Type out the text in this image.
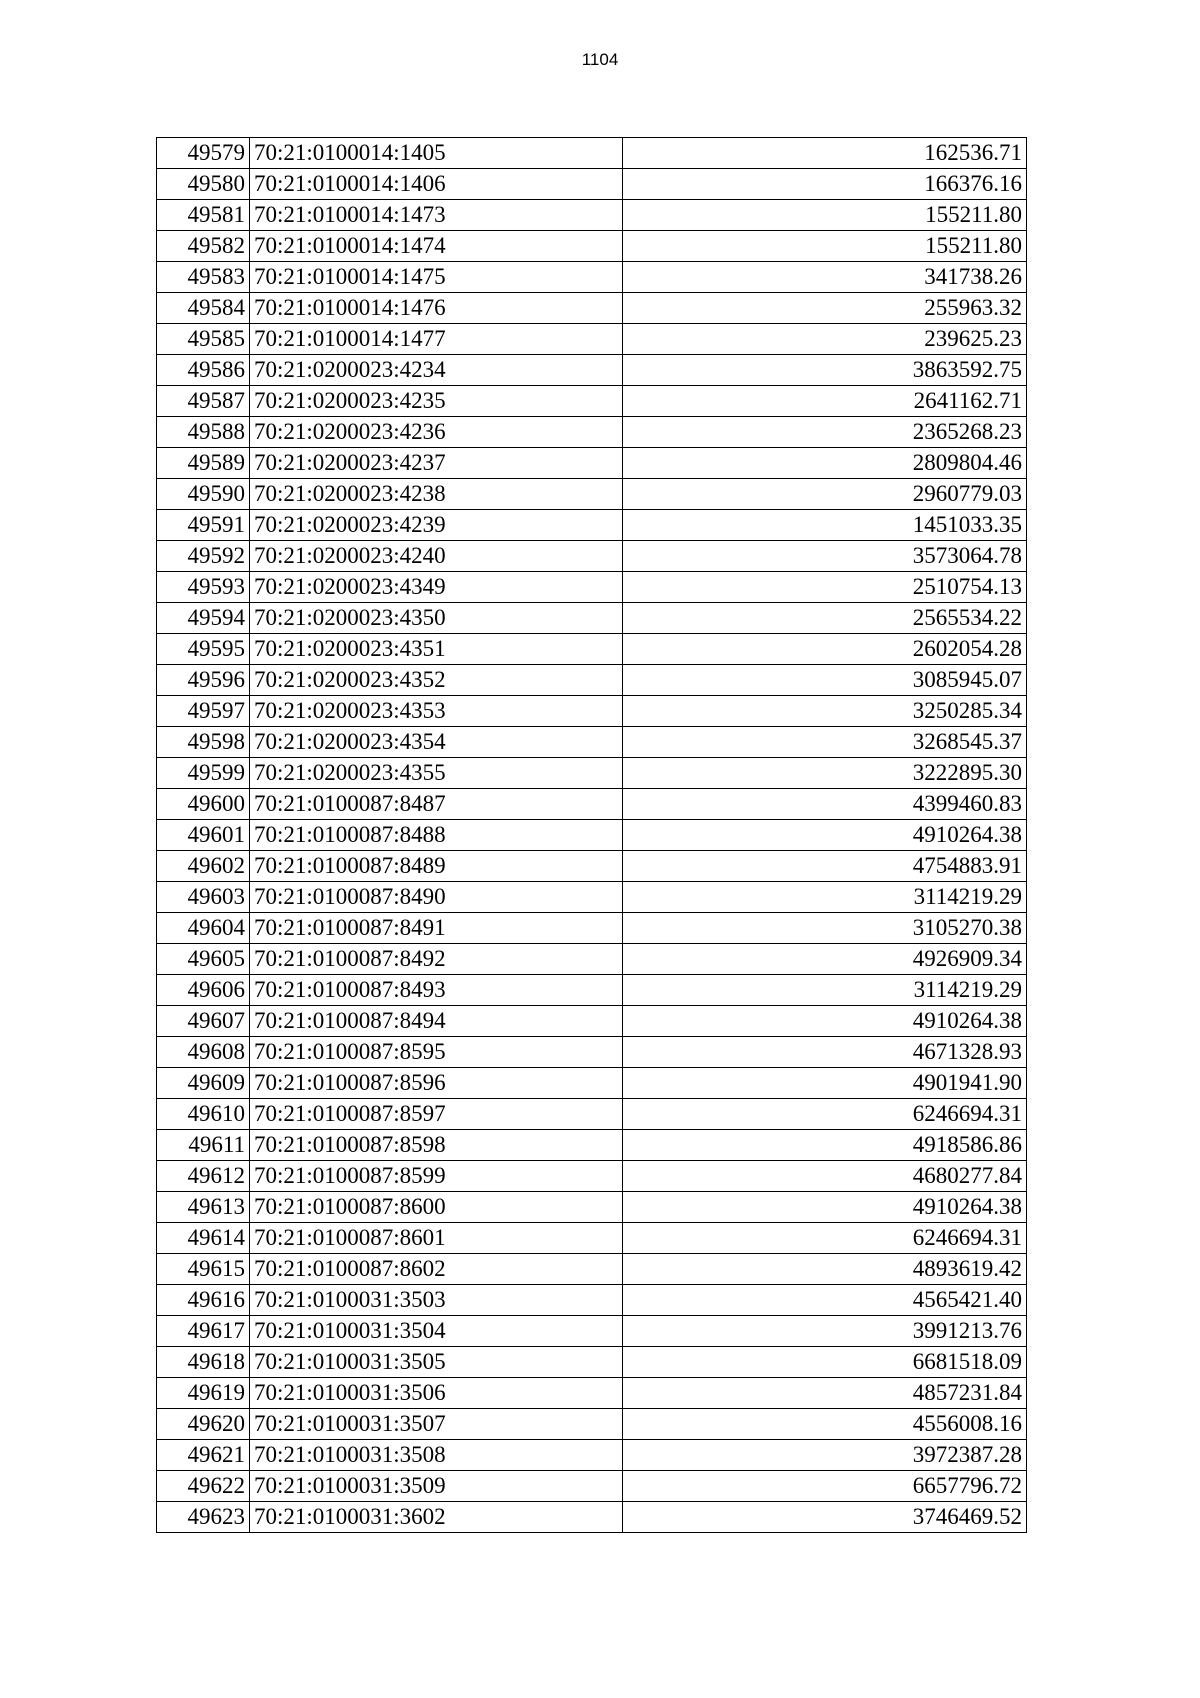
1104
49579	70:21:0100014:1405	162536.71
49580	70:21:0100014:1406	166376.16
49581	70:21:0100014:1473	155211.80
49582	70:21:0100014:1474	155211.80
49583	70:21:0100014:1475	341738.26
49584	70:21:0100014:1476	255963.32
49585	70:21:0100014:1477	239625.23
49586	70:21:0200023:4234	3863592.75
49587	70:21:0200023:4235	2641162.71
49588	70:21:0200023:4236	2365268.23
49589	70:21:0200023:4237	2809804.46
49590	70:21:0200023:4238	2960779.03
49591	70:21:0200023:4239	1451033.35
49592	70:21:0200023:4240	3573064.78
49593	70:21:0200023:4349	2510754.13
49594	70:21:0200023:4350	2565534.22
49595	70:21:0200023:4351	2602054.28
49596	70:21:0200023:4352	3085945.07
49597	70:21:0200023:4353	3250285.34
49598	70:21:0200023:4354	3268545.37
49599	70:21:0200023:4355	3222895.30
49600	70:21:0100087:8487	4399460.83
49601	70:21:0100087:8488	4910264.38
49602	70:21:0100087:8489	4754883.91
49603	70:21:0100087:8490	3114219.29
49604	70:21:0100087:8491	3105270.38
49605	70:21:0100087:8492	4926909.34
49606	70:21:0100087:8493	3114219.29
49607	70:21:0100087:8494	4910264.38
49608	70:21:0100087:8595	4671328.93
49609	70:21:0100087:8596	4901941.90
49610	70:21:0100087:8597	6246694.31
49611	70:21:0100087:8598	4918586.86
49612	70:21:0100087:8599	4680277.84
49613	70:21:0100087:8600	4910264.38
49614	70:21:0100087:8601	6246694.31
49615	70:21:0100087:8602	4893619.42
49616	70:21:0100031:3503	4565421.40
49617	70:21:0100031:3504	3991213.76
49618	70:21:0100031:3505	6681518.09
49619	70:21:0100031:3506	4857231.84
49620	70:21:0100031:3507	4556008.16
49621	70:21:0100031:3508	3972387.28
49622	70:21:0100031:3509	6657796.72
49623	70:21:0100031:3602	3746469.52
